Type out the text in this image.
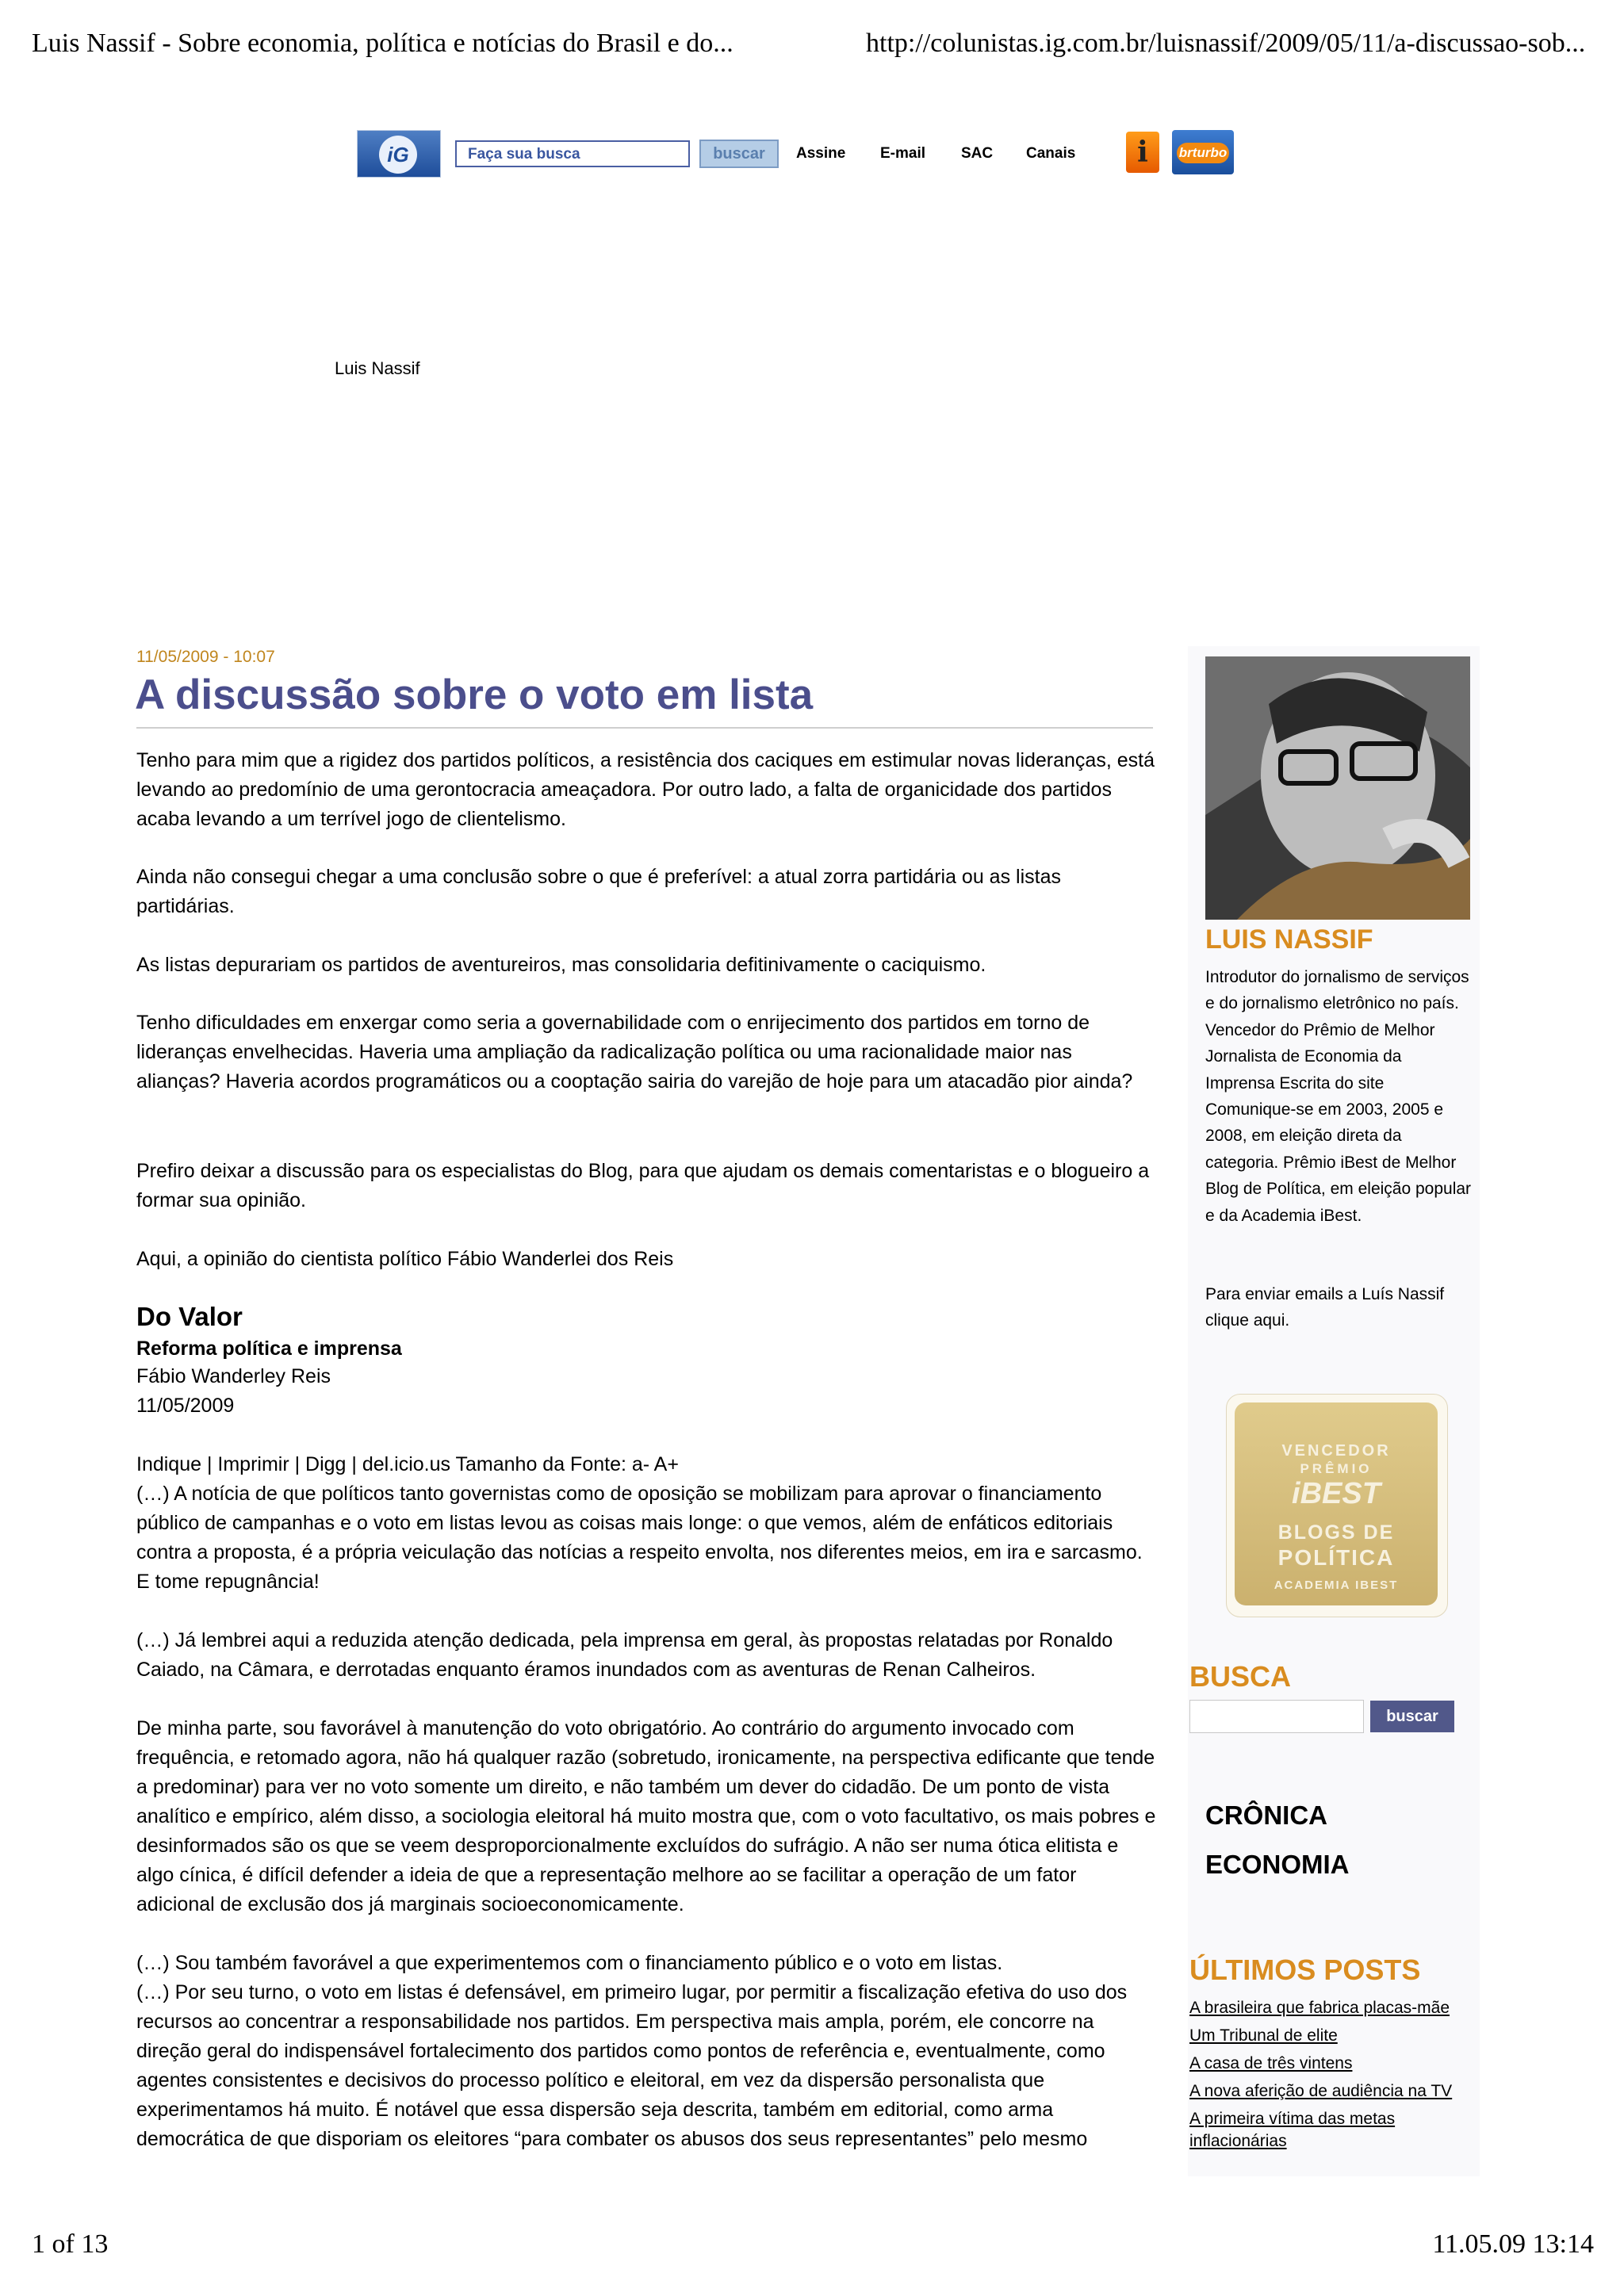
Luis Nassif - Sobre economia, política e notícias do Brasil e do...	http://colunistas.ig.com.br/luisnassif/2009/05/11/a-discussao-sob...
1 of 13	11.05.09 13:14
iG	Faça sua busca	buscar	Assine E-mail SAC Canais	i	brturbo
Luis Nassif
11/05/2009 - 10:07
A discussão sobre o voto em lista

Tenho para mim que a rigidez dos partidos políticos, a resistência dos caciques em estimular novas lideranças, está levando ao predomínio de uma gerontocracia ameaçadora. Por outro lado, a falta de organicidade dos partidos acaba levando a um terrível jogo de clientelismo.

Ainda não consegui chegar a uma conclusão sobre o que é preferível: a atual zorra partidária ou as listas partidárias.

As listas depurariam os partidos de aventureiros, mas consolidaria defitinivamente o caciquismo.

Tenho dificuldades em enxergar como seria a governabilidade com o enrijecimento dos partidos em torno de lideranças envelhecidas. Haveria uma ampliação da radicalização política ou uma racionalidade maior nas alianças? Haveria acordos programáticos ou a cooptação sairia do varejão de hoje para um atacadão pior ainda?

Prefiro deixar a discussão para os especialistas do Blog, para que ajudam os demais comentaristas e o blogueiro a formar sua opinião.

Aqui, a opinião do cientista político Fábio Wanderlei dos Reis

Do Valor

Reforma política e imprensa

Fábio Wanderley Reis

11/05/2009

Indique | Imprimir | Digg | del.icio.us Tamanho da Fonte: a- A+

(…) A notícia de que políticos tanto governistas como de oposição se mobilizam para aprovar o financiamento público de campanhas e o voto em listas levou as coisas mais longe: o que vemos, além de enfáticos editoriais contra a proposta, é a própria veiculação das notícias a respeito envolta, nos diferentes meios, em ira e sarcasmo. E tome repugnância!

(…) Já lembrei aqui a reduzida atenção dedicada, pela imprensa em geral, às propostas relatadas por Ronaldo Caiado, na Câmara, e derrotadas enquanto éramos inundados com as aventuras de Renan Calheiros.

De minha parte, sou favorável à manutenção do voto obrigatório. Ao contrário do argumento invocado com frequência, e retomado agora, não há qualquer razão (sobretudo, ironicamente, na perspectiva edificante que tende a predominar) para ver no voto somente um direito, e não também um dever do cidadão. De um ponto de vista analítico e empírico, além disso, a sociologia eleitoral há muito mostra que, com o voto facultativo, os mais pobres e desinformados são os que se veem desproporcionalmente excluídos do sufrágio. A não ser numa ótica elitista e algo cínica, é difícil defender a ideia de que a representação melhore ao se facilitar a operação de um fator adicional de exclusão dos já marginais socioeconomicamente.

(…) Sou também favorável a que experimentemos com o financiamento público e o voto em listas.

(…) Por seu turno, o voto em listas é defensável, em primeiro lugar, por permitir a fiscalização efetiva do uso dos recursos ao concentrar a responsabilidade nos partidos. Em perspectiva mais ampla, porém, ele concorre na direção geral do indispensável fortalecimento dos partidos como pontos de referência e, eventualmente, como agentes consistentes e decisivos do processo político e eleitoral, em vez da dispersão personalista que experimentamos há muito. É notável que essa dispersão seja descrita, também em editorial, como arma democrática de que disporiam os eleitores “para combater os abusos dos seus representantes” pelo mesmo

LUIS NASSIF

Introdutor do jornalismo de serviços e do jornalismo eletrônico no país. Vencedor do Prêmio de Melhor Jornalista de Economia da Imprensa Escrita do site Comunique-se em 2003, 2005 e 2008, em eleição direta da categoria. Prêmio iBest de Melhor Blog de Política, em eleição popular e da Academia iBest.

Para enviar emails a Luís Nassif clique aqui.

VENCEDOR
PRÊMIO
iBEST
BLOGS DE
POLÍTICA
ACADEMIA IBEST
BUSCA
buscar
CRÔNICA
ECONOMIA
ÚLTIMOS POSTS
A brasileira que fabrica placas-mãe
Um Tribunal de elite
A casa de três vintens
A nova aferição de audiência na TV
A primeira vítima das metas inflacionárias
